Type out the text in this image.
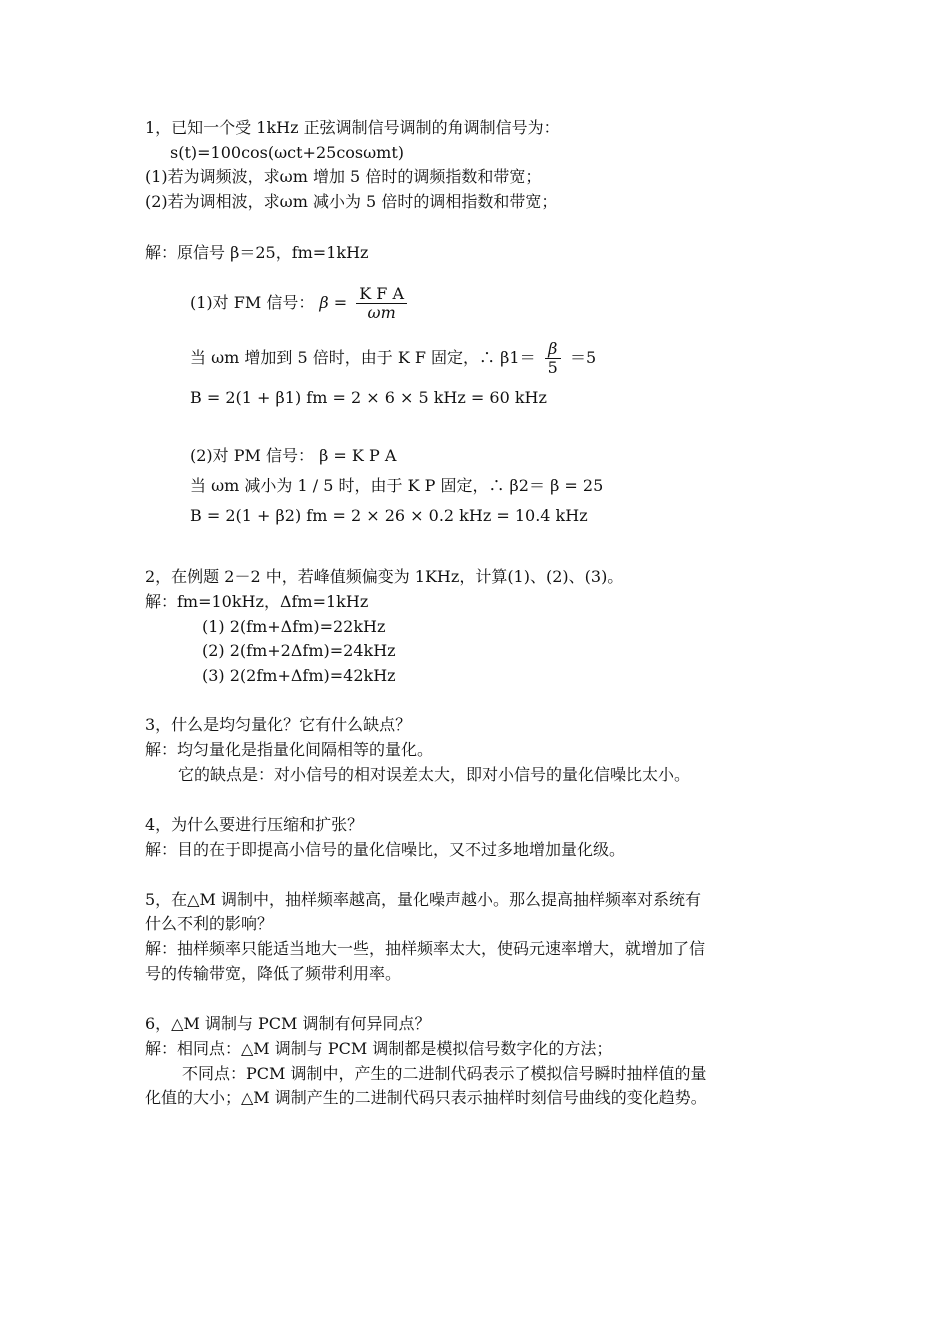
1，已知一个受 1kHz 正弦调制信号调制的角调制信号为：
s(t)=100cos(ωct+25cosωmt)
(1)若为调频波，求ωm 增加 5 倍时的调频指数和带宽；
(2)若为调相波，求ωm 减小为 5 倍时的调相指数和带宽；
解：原信号 β＝25，fm=1kHz
(1)对 FM 信号： $\beta = \frac{\text{K F A}}{\omega m}$
当 ωm 增加到 5 倍时，由于 K F 固定，∴ $\beta 1= \frac{\beta}{5} =5$
B = 2(1 + β1) fm = 2 × 6 × 5 kHz = 60 kHz
(2)对 PM 信号： β = K P A
当 ωm 减小为 1 / 5 时，由于 K P 固定，∴ β2＝ β = 25
B = 2(1 + β2) fm = 2 × 26 × 0.2 kHz = 10.4 kHz
2，在例题 2－2 中，若峰值频偏变为 1KHz，计算(1)、(2)、(3)。
解：fm=10kHz，Δfm=1kHz
(1) 2(fm+Δfm)=22kHz
(2) 2(fm+2Δfm)=24kHz
(3) 2(2fm+Δfm)=42kHz
3，什么是均匀量化？它有什么缺点？
解：均匀量化是指量化间隔相等的量化。
它的缺点是：对小信号的相对误差太大，即对小信号的量化信噪比太小。
4，为什么要进行压缩和扩张？
解：目的在于即提高小信号的量化信噪比，又不过多地增加量化级。
5，在△M 调制中，抽样频率越高，量化噪声越小。那么提高抽样频率对系统有
什么不利的影响？
解：抽样频率只能适当地大一些，抽样频率太大，使码元速率增大，就增加了信
号的传输带宽，降低了频带利用率。
6，△M 调制与 PCM 调制有何异同点？
解：相同点：△M 调制与 PCM 调制都是模拟信号数字化的方法；
不同点：PCM 调制中，产生的二进制代码表示了模拟信号瞬时抽样值的量
化值的大小；△M 调制产生的二进制代码只表示抽样时刻信号曲线的变化趋势。
